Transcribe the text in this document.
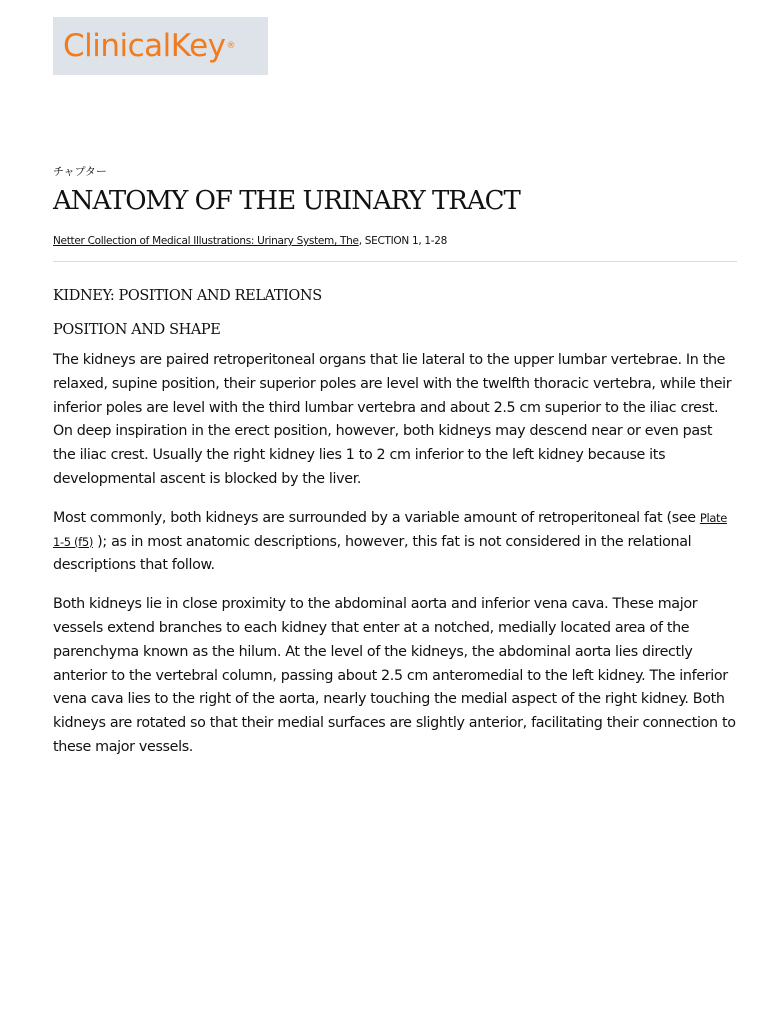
ClinicalKey ®
チャプター
ANATOMY OF THE URINARY TRACT
Netter Collection of Medical Illustrations: Urinary System, The, SECTION 1, 1-28
KIDNEY: POSITION AND RELATIONS
POSITION AND SHAPE

The kidneys are paired retroperitoneal organs that lie lateral to the upper lumbar vertebrae. In the relaxed, supine position, their superior poles are level with the twelfth thoracic vertebra, while their inferior poles are level with the third lumbar vertebra and about 2.5 cm superior to the iliac crest. On deep inspiration in the erect position, however, both kidneys may descend near or even past the iliac crest. Usually the right kidney lies 1 to 2 cm inferior to the left kidney because its developmental ascent is blocked by the liver.

Most commonly, both kidneys are surrounded by a variable amount of retroperitoneal fat (see Plate 1-5 (f5) ); as in most anatomic descriptions, however, this fat is not considered in the relational descriptions that follow.

Both kidneys lie in close proximity to the abdominal aorta and inferior vena cava. These major vessels extend branches to each kidney that enter at a notched, medially located area of the parenchyma known as the hilum. At the level of the kidneys, the abdominal aorta lies directly anterior to the vertebral column, passing about 2.5 cm anteromedial to the left kidney. The inferior vena cava lies to the right of the aorta, nearly touching the medial aspect of the right kidney. Both kidneys are rotated so that their medial surfaces are slightly anterior, facilitating their connection to these major vessels.
